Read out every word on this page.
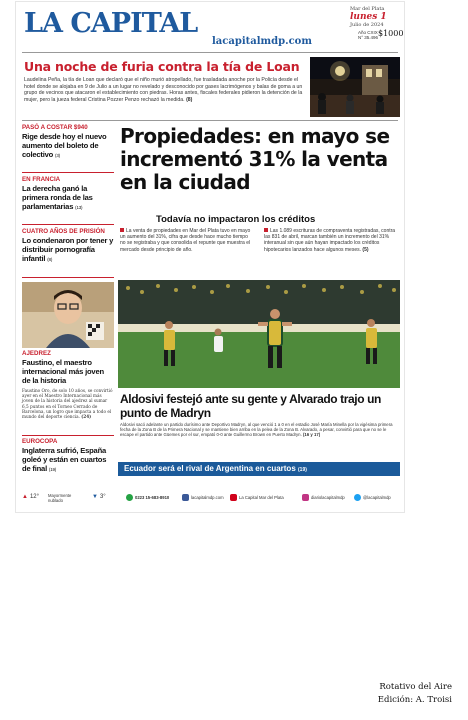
LA CAPITAL
lacapitalmdp.com
Mar del Plata
lunes 1
Julio de 2024
Año CXIX
N° 35.496 $1000
Una noche de furia contra la tía de Loan
Laudelina Peña, la tía de Loan que declaró que el niño murió atropellado, fue trasladada anoche por la Policía desde el hotel donde se alojaba en 9 de Julio a un lugar no revelado y desconocido por gases lacrimógenos y balas de goma a un grupo de vecinos que atacaron el establecimiento con piedras. Horas antes, fiscales federales pidieron la detención de la mujer, pero la jueza federal Cristina Pozzer Penzo rechazó la medida. (8)
PASÓ A COSTAR $940
Rige desde hoy el nuevo aumento del boleto de colectivo (3)
EN FRANCIA
La derecha ganó la primera ronda de las parlamentarias (13)
CUATRO AÑOS DE PRISIÓN
Lo condenaron por tener y distribuir pornografía infantil (8)
AJEDREZ
Faustino, el maestro internacional más joven de la historia
Faustino Oro, de solo 10 años, se convirtió ayer en el Maestro Internacional más joven de la historia del ajedrez al sumar 6,5 puntos en el Torneo Cerrado de Barcelona, un logro que impacta a todo el mundo del deporte ciencia. (24)
EUROCOPA
Inglaterra sufrió, España goleó y están en cuartos de final (19)
Propiedades: en mayo se incrementó 31% la venta en la ciudad
Todavía no impactaron los créditos
La venta de propiedades en Mar del Plata tuvo en mayo un aumento del 31%, cifra que desde hace mucho tiempo no se registraba y que consolida el repunte que muestra el mercado desde principio de año.
Las 1.089 escrituras de compraventa registradas, contra las 831 de abril, marcan también un incremento del 31% interanual sin que aún hayan impactado los créditos hipotecarios lanzados hace algunos meses. (5)
Aldosivi festejó ante su gente y Alvarado trajo un punto de Madryn
Aldosivi sacó adelante un partido durísimo ante Deportivo Madryn, al que venció 1 a 0 en el estadio José María Minella por la vigésima primera fecha de la Zona B de la Primera Nacional y se mantiene bien arriba en la pelea de la Zona B. Alvarado, a pesar, convirtió para que no se le escape el partido ante Güemes por el sur, empató 0-0 ante Guillermo Brown en Puerto Madryn. (16 y 17)
Ecuador será el rival de Argentina en cuartos (19)
▲ 12° Mayormente nublado
▼ 3°	0223 15-683-8910	lacapitalmdp.com	La Capital Mar del Plata	diariolacapitalmdp	@lacapitalmdp
Rotativo del Aire
Edición: A. Troisi
